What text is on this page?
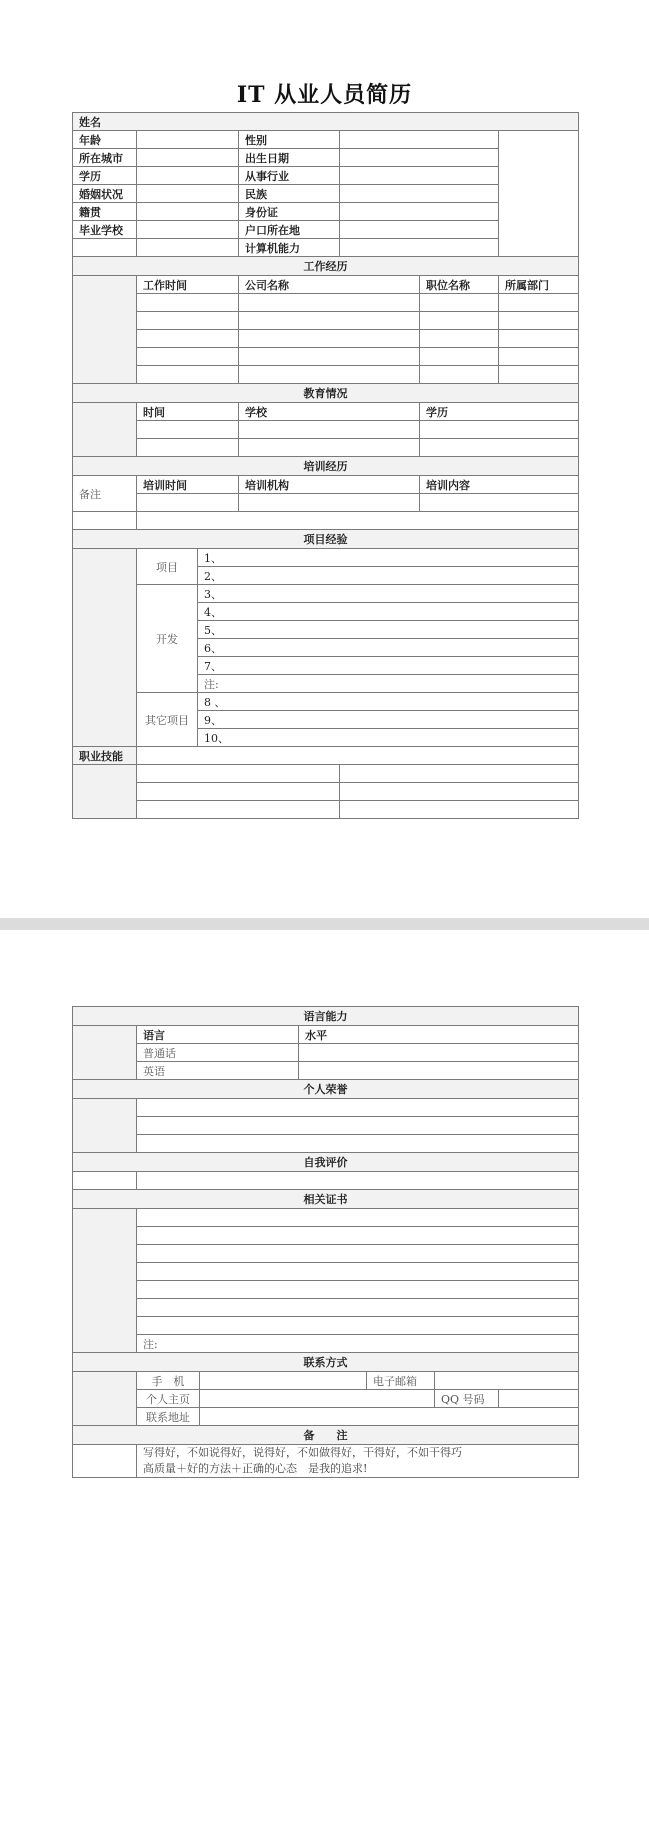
IT 从业人员简历
姓名						
年龄			性别			
所在城市			出生日期			
学历			从事行业			
婚姻状况			民族			
籍贯			身份证			
毕业学校			户口所在地			
			计算机能力			
工作经历						
	工作时间		公司名称		职位名称	所属部门

教育情况						
	时间		学校		学历	

培训经历						
备注	培训时间		培训机构		培训内容	

项目经验						
	项目	1、				
		2、				
	开发	3、				
		4、				
		5、				
		6、				
		7、				
		注:				
	其它项目	8 、				
		9、				
		10、				
职业技能						

语言能力						
	语言		水平			
	普通话					
	英语					
个人荣誉						

自我评价						

相关证书						

	注:					
联系方式						
	手　机			电子邮箱		
	个人主页				QQ 号码	
	联系地址					
备　　注						

	写得好，不如说得好，说得好，不如做得好，干得好，不如干得巧
高质量＋好的方法＋正确的心态　是我的追求!					
